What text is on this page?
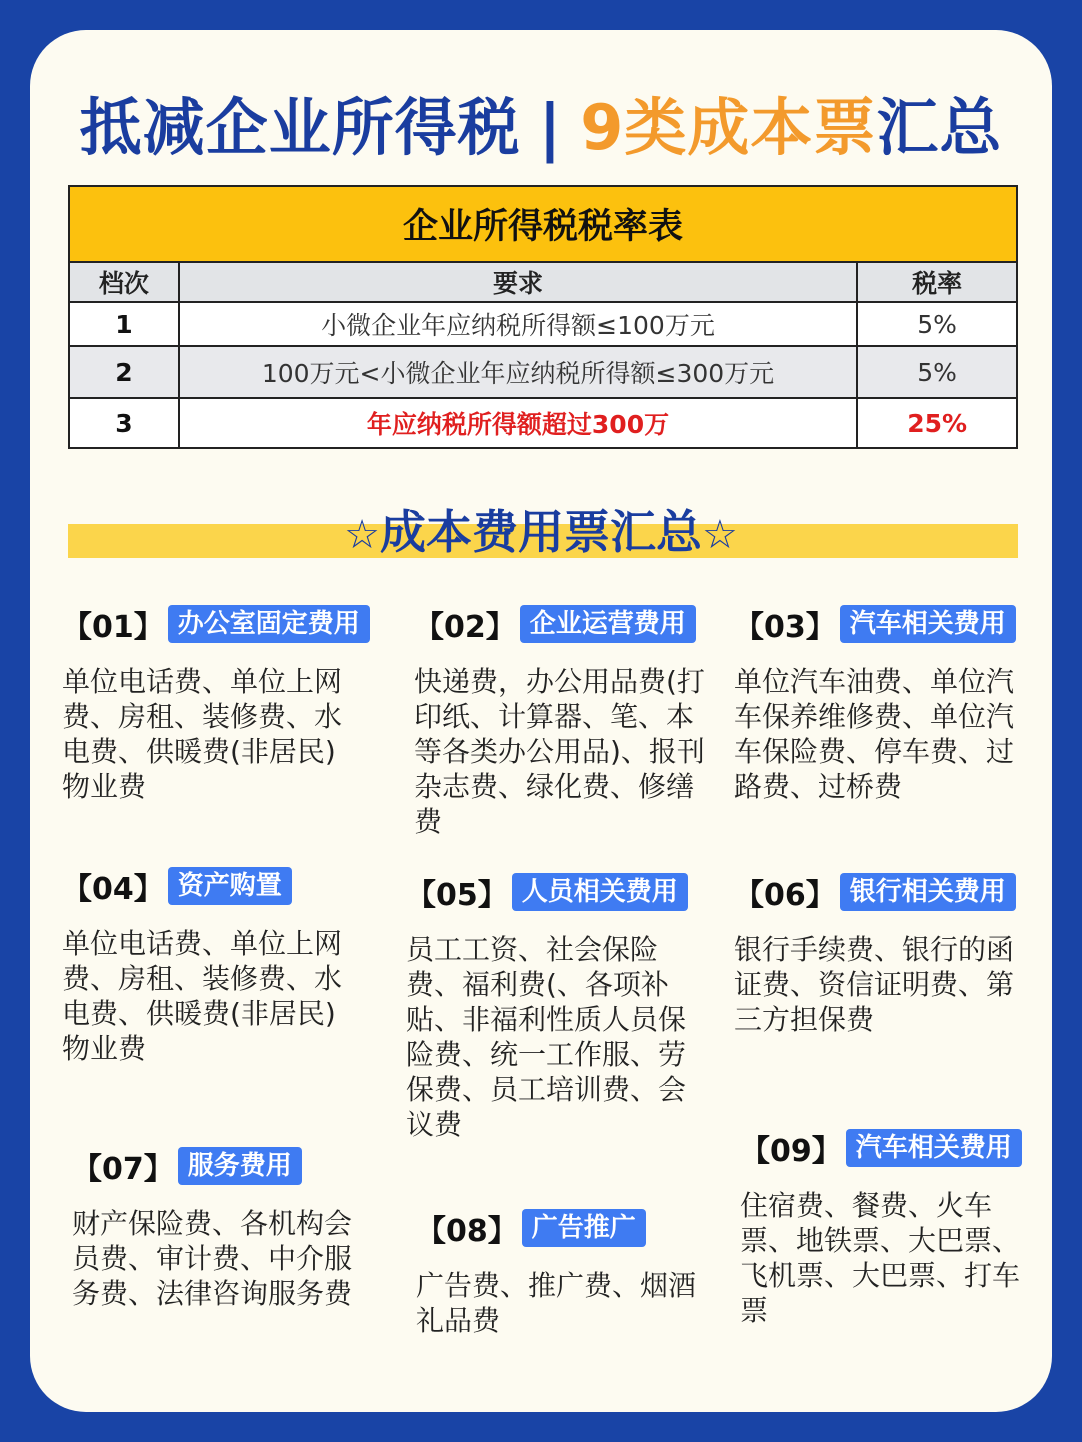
抵减企业所得税 | 9类成本票汇总
企业所得税税率表		
档次	要求	税率
1	小微企业年应纳税所得额≤100万元	5%
2	100万元<小微企业年应纳税所得额≤300万元	5%
3	年应纳税所得额超过300万	25%
☆成本费用票汇总☆
【01】 办公室固定费用
单位电话费、单位上网费、房租、装修费、水电费、供暖费(非居民)物业费
【02】 企业运营费用
快递费，办公用品费(打印纸、计算器、笔、本等各类办公用品)、报刊杂志费、绿化费、修缮费
【03】 汽车相关费用
单位汽车油费、单位汽车保养维修费、单位汽车保险费、停车费、过路费、过桥费
【04】 资产购置
单位电话费、单位上网费、房租、装修费、水电费、供暖费(非居民)物业费
【05】 人员相关费用
员工工资、社会保险费、福利费(、各项补贴、非福利性质人员保险费、统一工作服、劳保费、员工培训费、会议费
【06】 银行相关费用
银行手续费、银行的函证费、资信证明费、第三方担保费
【07】 服务费用
财产保险费、各机构会员费、审计费、中介服务费、法律咨询服务费
【08】 广告推广
广告费、推广费、烟酒礼品费
【09】 汽车相关费用
住宿费、餐费、火车票、地铁票、大巴票、飞机票、大巴票、打车票
